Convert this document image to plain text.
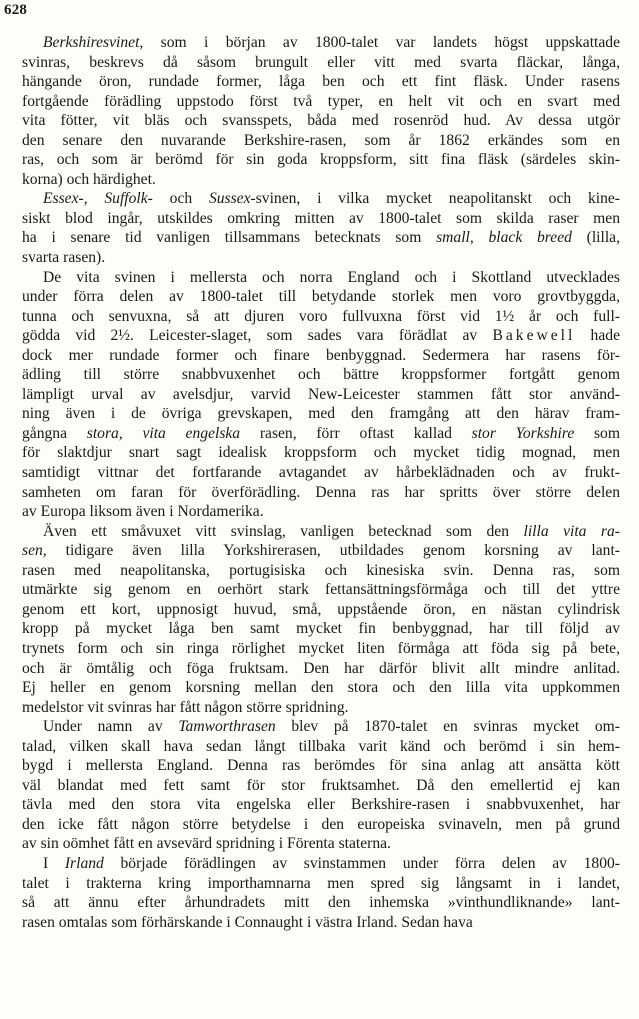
628
Berkshiresvinet, som i början av 1800-talet var landets högst uppskattade
svinras, beskrevs då såsom brungult eller vitt med svarta fläckar, långa,
hängande öron, rundade former, låga ben och ett fint fläsk. Under rasens
fortgående förädling uppstodo först två typer, en helt vit och en svart med
vita fötter, vit bläs och svansspets, båda med rosenröd hud. Av dessa utgör
den senare den nuvarande Berkshire-rasen, som år 1862 erkändes som en
ras, och som är berömd för sin goda kroppsform, sitt fina fläsk (särdeles skin-
korna) och härdighet.
Essex-, Suffolk- och Sussex-svinen, i vilka mycket neapolitanskt och kine-
siskt blod ingår, utskildes omkring mitten av 1800-talet som skilda raser men
ha i senare tid vanligen tillsammans betecknats som small, black breed (lilla,
svarta rasen).
De vita svinen i mellersta och norra England och i Skottland utvecklades
under förra delen av 1800-talet till betydande storlek men voro grovtbyggda,
tunna och senvuxna, så att djuren voro fullvuxna först vid 1½ år och full-
gödda vid 2½. Leicester-slaget, som sades vara förädlat av Bakewell hade
dock mer rundade former och finare benbyggnad. Sedermera har rasens för-
ädling till större snabbvuxenhet och bättre kroppsformer fortgått genom
lämpligt urval av avelsdjur, varvid New-Leicester stammen fått stor använd-
ning även i de övriga grevskapen, med den framgång att den härav fram-
gångna stora, vita engelska rasen, förr oftast kallad stor Yorkshire som
för slaktdjur snart sagt idealisk kroppsform och mycket tidig mognad, men
samtidigt vittnar det fortfarande avtagandet av hårbeklädnaden och av frukt-
samheten om faran för överförädling. Denna ras har spritts över större delen
av Europa liksom även i Nordamerika.
Även ett småvuxet vitt svinslag, vanligen betecknad som den lilla vita ra-
sen, tidigare även lilla Yorkshirerasen, utbildades genom korsning av lant-
rasen med neapolitanska, portugisiska och kinesiska svin. Denna ras, som
utmärkte sig genom en oerhört stark fettansättningsförmåga och till det yttre
genom ett kort, uppnosigt huvud, små, uppstående öron, en nästan cylindrisk
kropp på mycket låga ben samt mycket fin benbyggnad, har till följd av
trynets form och sin ringa rörlighet mycket liten förmåga att föda sig på bete,
och är ömtålig och föga fruktsam. Den har därför blivit allt mindre anlitad.
Ej heller en genom korsning mellan den stora och den lilla vita uppkommen
medelstor vit svinras har fått någon större spridning.
Under namn av Tamworthrasen blev på 1870-talet en svinras mycket om-
talad, vilken skall hava sedan långt tillbaka varit känd och berömd i sin hem-
bygd i mellersta England. Denna ras berömdes för sina anlag att ansätta kött
väl blandat med fett samt för stor fruktsamhet. Då den emellertid ej kan
tävla med den stora vita engelska eller Berkshire-rasen i snabbvuxenhet, har
den icke fått någon större betydelse i den europeiska svinaveln, men på grund
av sin oömhet fått en avsevärd spridning i Förenta staterna.
I Irland började förädlingen av svinstammen under förra delen av 1800-
talet i trakterna kring importhamnarna men spred sig långsamt in i landet,
så att ännu efter århundradets mitt den inhemska »vinthundliknande» lant-
rasen omtalas som förhärskande i Connaught i västra Irland. Sedan hava
